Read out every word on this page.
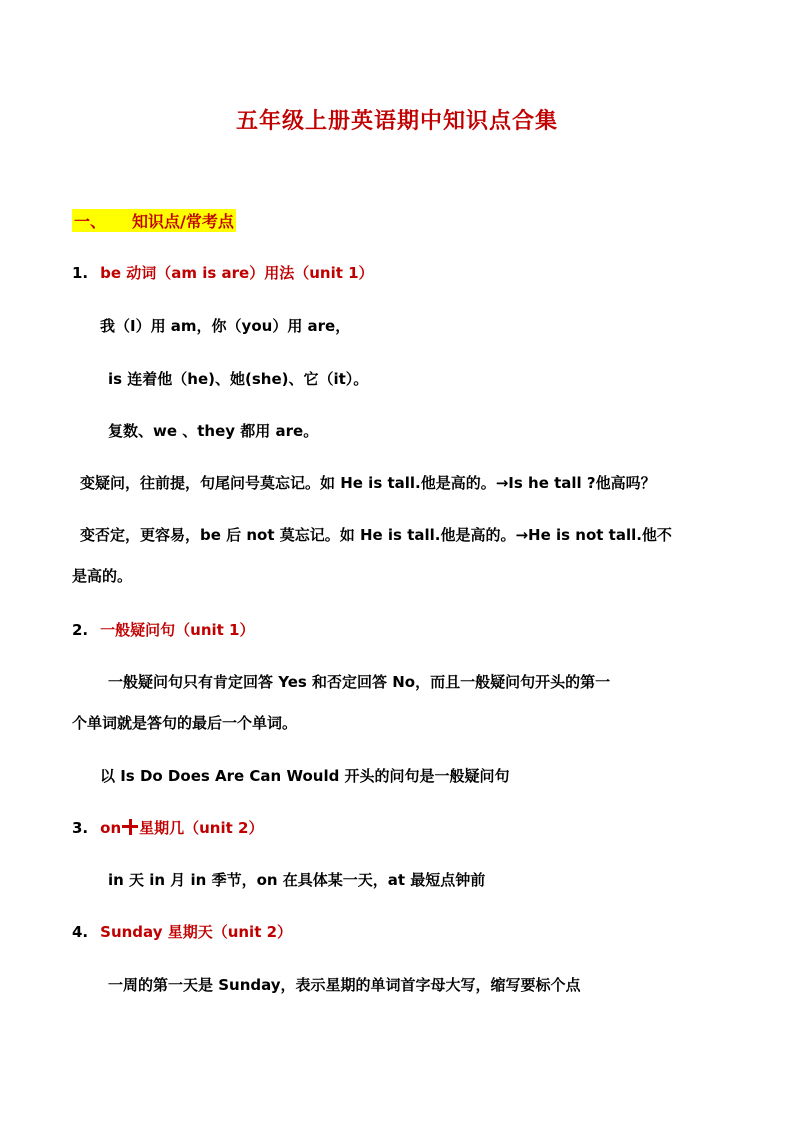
五年级上册英语期中知识点合集
一、 知识点/常考点
1. be 动词（am is are）用法（unit 1）
我（I）用 am，你（you）用 are，
is 连着他（he)、她(she)、它（it）。
复数、we 、they 都用 are。
变疑问，往前提，句尾问号莫忘记。如 He is tall.他是高的。→Is he tall ?他高吗？
变否定，更容易，be 后 not 莫忘记。如 He is tall.他是高的。→He is not tall.他不
是高的。
2. 一般疑问句（unit 1）
一般疑问句只有肯定回答 Yes 和否定回答 No，而且一般疑问句开头的第一
个单词就是答句的最后一个单词。
以 Is Do Does Are Can Would 开头的问句是一般疑问句
3. on 星期几（unit 2）
in 天 in 月 in 季节，on 在具体某一天，at 最短点钟前
4. Sunday 星期天（unit 2）
一周的第一天是 Sunday，表示星期的单词首字母大写，缩写要标个点
